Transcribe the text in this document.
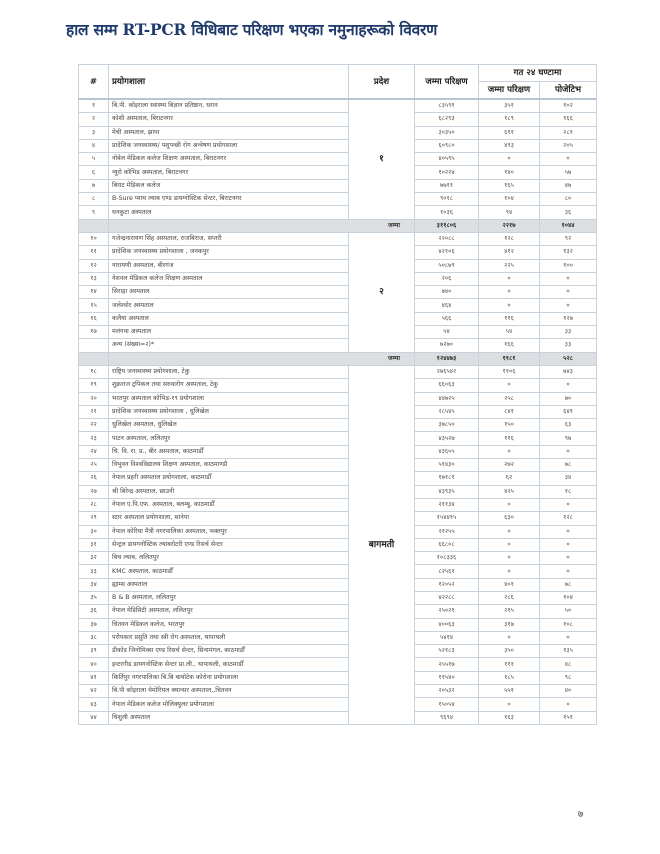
हाल सम्म RT-PCR विधिबाट परिक्षण भएका नमुनाहरूको विवरण
#	प्रयोगशाला	प्रदेश	जम्मा परिक्षण	गत २४ घण्टामा	
				जम्मा परिक्षण	पोजेटिभ
१	बि.पी. कोइराला स्वास्थ्य बिज्ञान प्रतिष्ठान, धरान	१	८३५९१	३५१	१०२
२	कोशी अस्पताल, बिराटनगर		६८२९३	१८९	१६६
३	मेची अस्पताल, झापा		३०३५०	६११	२८१
४	प्रादेशिक जनस्वास्थ्य/ पशुपन्छी रोग अन्वेषण प्रयोगशाला		६०९८०	४९३	२०५
५	नोबेल मेडिकल कलेज शिक्षण अस्पताल, बिराटनगर		४०५९५	०	०
६	न्युरो कोभिड अस्पताल, बिराटनगर		१०२२४	१४०	५७
७	बिराट मेडिकल कलेज		७७११	१६५	४७
८	B-Sure प्याथ ल्याब एण्ड डायग्नोस्टिक सेन्टर, बिराटनगर		९०१८	१०४	८०
९	धनकुटा अस्पताल		१०३६	९४	३६
	जम्मा		३११८०६	२२१७	१०४४
१०	गजेन्द्रनारायण सिंह अस्पताल, राजबिराज, सप्तरी	२	२२०८८	१२८	९२
११	प्रादेशिक जनस्वास्थ्य प्रयोगशाला , जनकपुर		४२१०६	४१२	१३२
१२	नारायणी अस्पताल, बीरगंज		५०८७९	२२५	१००
१३	नेशनल मेडिकल कलेज शिक्षण अस्पताल		२०६	०	०
१४	सिराहा अस्पताल		७४०	०	०
१५	जलेश्वोर अस्पताल		४६४	०	०
१६	कलैया अस्पताल		५६६	११६	१२७
१७	मलंगवा अस्पताल		५४	५४	३३
	अन्य (संख्या=२)*		७२७०	१६६	३३
	जम्मा		१२४४७३	११८१	५२८
१८	राष्ट्रिय जनस्वास्थ्य प्रयोगशाला, टेकु	बागमती	२७६५४२	११०६	७४३
१९	शुक्रराज ट्रपिकल तथा सरुवारोग अस्पताल, टेकु		६६०६३	०	०
२०	भरतपुर अस्पताल कोभिड-१९ प्रयोगशाला		४४७२५	२५८	७०
२१	प्रादेशिक जनस्वास्थ्य प्रयोगशाला , धुलिखेल		२८५४५	८४१	६४१
२२	धुलिखेल अस्पताल, धुलिखेल		३७८५०	१५०	६३
२३	पाटन अस्पताल, ललितपुर		४३५२७	११६	९७
२४	चि. वि. रा. प्र., बीर अस्पताल, काठमाडौँ		४३६०५	०	०
२५	त्रिभुवन विश्वविद्यालय शिक्षण अस्पताल, काठमाण्डौ		५१४३०	२७२	७८
२६	नेपाल प्रहरी अस्पताल प्रयोगशाला, काठमाडौँ		१७१८१	६२	३४
२७	श्री बिरेन्द्र अस्पताल, छाउनी		४३९३५	४२५	१८
२८	नेपाल ए.पि.एफ. अस्पताल, बलम्बु, काठमाडौँ		२११३४	०	०
२९	स्टार अस्पताल प्रयोगशाला, सानेपा		१५४४१५	६३०	१२८
३०	नेपाल कोरिया मैत्री नगरपालिका अस्पताल, भक्तपुर		२१२५५	०	०
३१	सेन्ट्रल डायगनोस्टिक ल्याबरोटरी एण्ड रिसर्च सेन्टर		६६८०८	०	०
३२	बिच ल्याब, ललितपुर		१०८३३६	०	०
३३	KMC अस्पताल, काठमाडौँ		८२५६१	०	०
३४	ह्याम्स अस्पताल		१२०५२	४०१	७८
३५	B & B अस्पताल, ललितपुर		४२२८८	२८६	१०४
३६	नेपाल मेडिसिटी अस्पताल, ललितपुर		२५०२१	२१५	५०
३७	चितवन मेडिकल कलेज, भरतपुर		४००६३	३१७	१०८
३८	परोपकार प्रसुति तथा स्त्री रोग अस्पताल, थापाथली		५४१४	०	०
३९	डीकोड जिनोमिक्स एण्ड रिसर्च सेन्टर, सिनामंगल, काठमाडौँ		५२१८३	३५०	१३५
४०	इन्टरगीड डायगनोस्टिक सेन्टर प्रा.ली., थापाथली, काठमाडौँ		२५५१७	१११	४८
४१	किर्तिपुर नगरपालिका बि.बि बायोटेक कोरोना प्रयोगशाला		११५४०	१८५	९८
४२	बि.पी कोइराला मेमोरियल क्यान्सर अस्पताल,,चितवन		२०५३२	५५१	४०
४३	नेपाल मेडिकल कलेज मोलिक्युलर प्रयोगशाला		१५०५४	०	०
४४	चिशुली अस्पताल		९६९४	१६३	१५१
७
